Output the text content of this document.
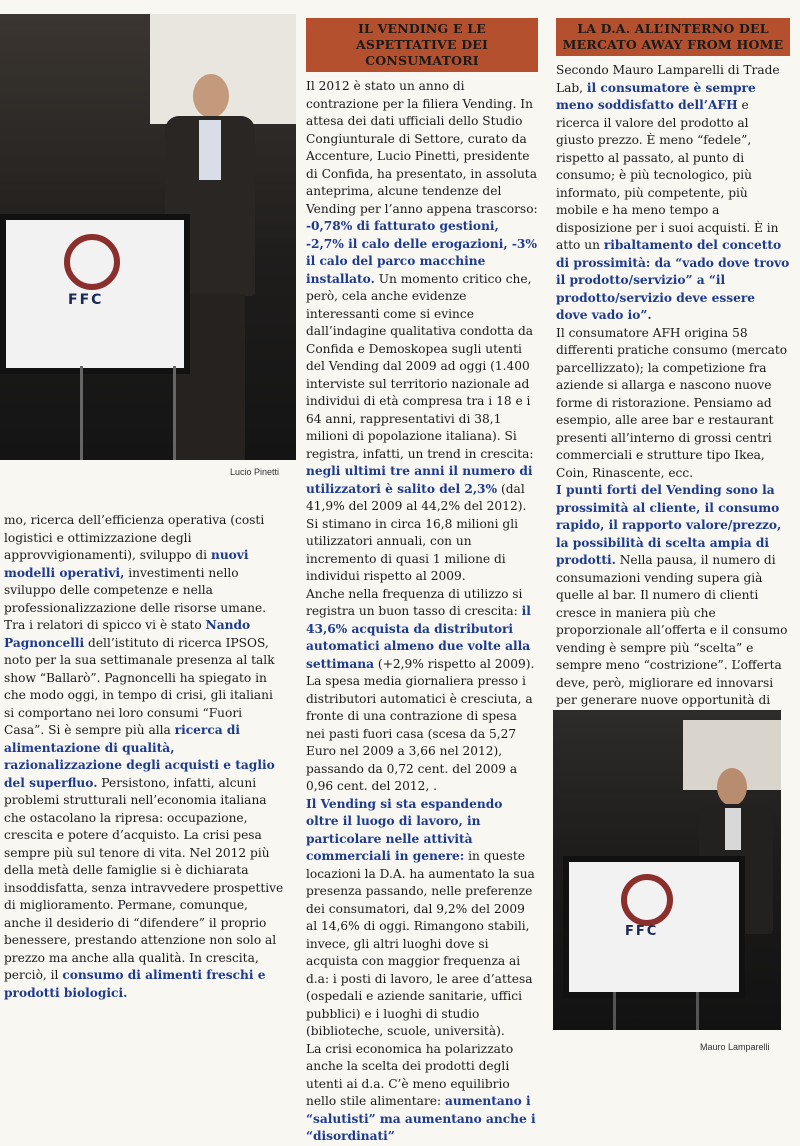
FFC
Lucio Pinetti

mo, ricerca dell’efficienza operativa (costi logistici e ottimizzazione degli approvvigionamenti), sviluppo di nuovi modelli operativi, investimenti nello sviluppo delle competenze e nella professionalizzazione delle risorse umane.

Tra i relatori di spicco vi è stato Nando Pagnoncelli dell’istituto di ricerca IPSOS, noto per la sua settimanale presenza al talk show “Ballarò”. Pagnoncelli ha spiegato in che modo oggi, in tempo di crisi, gli italiani si comportano nei loro consumi “Fuori Casa”. Si è sempre più alla ricerca di alimentazione di qualità, razionalizzazione degli acquisti e taglio del superfluo. Persistono, infatti, alcuni problemi strutturali nell’economia italiana che ostacolano la ripresa: occupazione, crescita e potere d’acquisto. La crisi pesa sempre più sul tenore di vita. Nel 2012 più della metà delle famiglie si è dichiarata insoddisfatta, senza intravvedere prospettive di miglioramento. Permane, comunque, anche il desiderio di “difendere” il proprio benessere, prestando attenzione non solo al prezzo ma anche alla qualità. In crescita, perciò, il consumo di alimenti freschi e prodotti biologici.

IL VENDING E LE ASPETTATIVE DEI CONSUMATORI

Il 2012 è stato un anno di contrazione per la filiera Vending. In attesa dei dati ufficiali dello Studio Congiunturale di Settore, curato da Accenture, Lucio Pinetti, presidente di Confida, ha presentato, in assoluta anteprima, alcune tendenze del Vending per l’anno appena trascorso: -0,78% di fatturato gestioni, -2,7% il calo delle erogazioni, -3% il calo del parco macchine installato. Un momento critico che, però, cela anche evidenze interessanti come si evince dall’indagine qualitativa condotta da Confida e Demoskopea sugli utenti del Vending dal 2009 ad oggi (1.400 interviste sul territorio nazionale ad individui di età compresa tra i 18 e i 64 anni, rappresentativi di 38,1 milioni di popolazione italiana). Si registra, infatti, un trend in crescita: negli ultimi tre anni il numero di utilizzatori è salito del 2,3% (dal 41,9% del 2009 al 44,2% del 2012). Si stimano in circa 16,8 milioni gli utilizzatori annuali, con un incremento di quasi 1 milione di individui rispetto al 2009.

Anche nella frequenza di utilizzo si registra un buon tasso di crescita: il 43,6% acquista da distributori automatici almeno due volte alla settimana (+2,9% rispetto al 2009).

La spesa media giornaliera presso i distributori automatici è cresciuta, a fronte di una contrazione di spesa nei pasti fuori casa (scesa da 5,27 Euro nel 2009 a 3,66 nel 2012), passando da 0,72 cent. del 2009 a 0,96 cent. del 2012, .

Il Vending si sta espandendo oltre il luogo di lavoro, in particolare nelle attività commerciali in genere: in queste locazioni la D.A. ha aumentato la sua presenza passando, nelle preferenze dei consumatori, dal 9,2% del 2009 al 14,6% di oggi. Rimangono stabili, invece, gli altri luoghi dove si acquista con maggior frequenza ai d.a: i posti di lavoro, le aree d’attesa (ospedali e aziende sanitarie, uffici pubblici) e i luoghi di studio (biblioteche, scuole, università).

La crisi economica ha polarizzato anche la scelta dei prodotti degli utenti ai d.a. C’è meno equilibrio nello stile alimentare: aumentano i “salutisti” ma aumentano anche i “disordinati”

LA D.A. ALL’INTERNO DEL MERCATO AWAY FROM HOME

Secondo Mauro Lamparelli di Trade Lab, il consumatore è sempre meno soddisfatto dell’AFH e ricerca il valore del prodotto al giusto prezzo. È meno “fedele”, rispetto al passato, al punto di consumo; è più tecnologico, più informato, più competente, più mobile e ha meno tempo a disposizione per i suoi acquisti. È in atto un ribaltamento del concetto di prossimità: da “vado dove trovo il prodotto/servizio” a “il prodotto/servizio deve essere dove vado io”.

Il consumatore AFH origina 58 differenti pratiche consumo (mercato parcellizzato); la competizione fra aziende si allarga e nascono nuove forme di ristorazione. Pensiamo ad esempio, alle aree bar e restaurant presenti all’interno di grossi centri commerciali e strutture tipo Ikea, Coin, Rinascente, ecc.

I punti forti del Vending sono la prossimità al cliente, il consumo rapido, il rapporto valore/prezzo, la possibilità di scelta ampia di prodotti. Nella pausa, il numero di consumazioni vending supera già quelle al bar. Il numero di clienti cresce in maniera più che proporzionale all’offerta e il consumo vending è sempre più “scelta” e sempre meno “costrizione”. L’offerta deve, però, migliorare ed innovarsi per generare nuove opportunità di

FFC
Mauro Lamparelli
